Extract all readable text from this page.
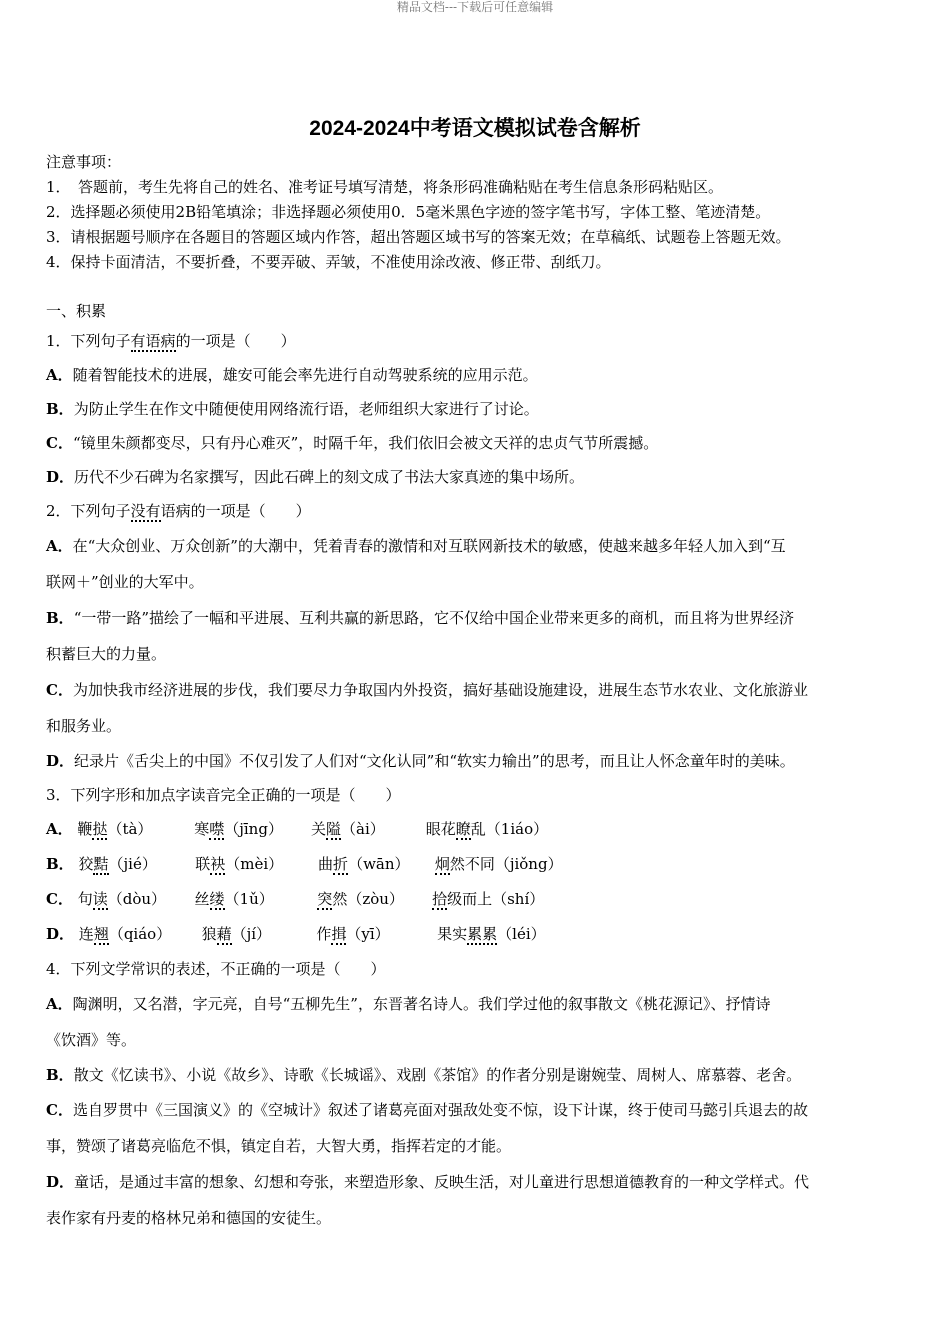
精品文档---下载后可任意编辑
2024-2024中考语文模拟试卷含解析
注意事项：
1．　答题前，考生先将自己的姓名、准考证号填写清楚，将条形码准确粘贴在考生信息条形码粘贴区。
2．选择题必须使用2B铅笔填涂；非选择题必须使用0．5毫米黑色字迹的签字笔书写，字体工整、笔迹清楚。
3．请根据题号顺序在各题目的答题区域内作答，超出答题区域书写的答案无效；在草稿纸、试题卷上答题无效。
4．保持卡面清洁，不要折叠，不要弄破、弄皱，不准使用涂改液、修正带、刮纸刀。
一、积累
1．下列句子有语病的一项是（　　）
A．随着智能技术的进展，雄安可能会率先进行自动驾驶系统的应用示范。
B．为防止学生在作文中随便使用网络流行语，老师组织大家进行了讨论。
C．“镜里朱颜都变尽，只有丹心难灭”，时隔千年，我们依旧会被文天祥的忠贞气节所震撼。
D．历代不少石碑为名家撰写，因此石碑上的刻文成了书法大家真迹的集中场所。
2．下列句子没有语病的一项是（　　）
A．在“大众创业、万众创新”的大潮中，凭着青春的激情和对互联网新技术的敏感，使越来越多年轻人加入到“互
联网＋”创业的大军中。
B．“一带一路”描绘了一幅和平进展、互利共赢的新思路，它不仅给中国企业带来更多的商机，而且将为世界经济
积蓄巨大的力量。
C．为加快我市经济进展的步伐，我们要尽力争取国内外投资，搞好基础设施建设，进展生态节水农业、文化旅游业
和服务业。
D．纪录片《舌尖上的中国》不仅引发了人们对“文化认同”和“软实力输出”的思考，而且让人怀念童年时的美味。
3．下列字形和加点字读音完全正确的一项是（　　）
A． 鞭挞（tà）	寒噤（jīng） 关隘（ài）	眼花瞭乱（1iáo）
B． 狡黠（jié）	联袂（mèi） 曲折（wān） 炯然不同（jiǒng）
C． 句读（dòu） 丝缕（1ǔ）	突然（zòu） 拾级而上（shí）
D． 连翘（qiáo） 狼藉（jí）	作揖（yī）	果实累累（léi）
4．下列文学常识的表述，不正确的一项是（　　）
A．陶渊明，又名潜，字元亮，自号“五柳先生”，东晋著名诗人。我们学过他的叙事散文《桃花源记》、抒情诗
《饮酒》等。
B．散文《忆读书》、小说《故乡》、诗歌《长城谣》、戏剧《茶馆》的作者分别是谢婉莹、周树人、席慕蓉、老舍。
C．选自罗贯中《三国演义》的《空城计》叙述了诸葛亮面对强敌处变不惊，设下计谋，终于使司马懿引兵退去的故
事，赞颂了诸葛亮临危不惧，镇定自若，大智大勇，指挥若定的才能。
D．童话，是通过丰富的想象、幻想和夸张，来塑造形象、反映生活，对儿童进行思想道德教育的一种文学样式。代
表作家有丹麦的格林兄弟和德国的安徒生。
